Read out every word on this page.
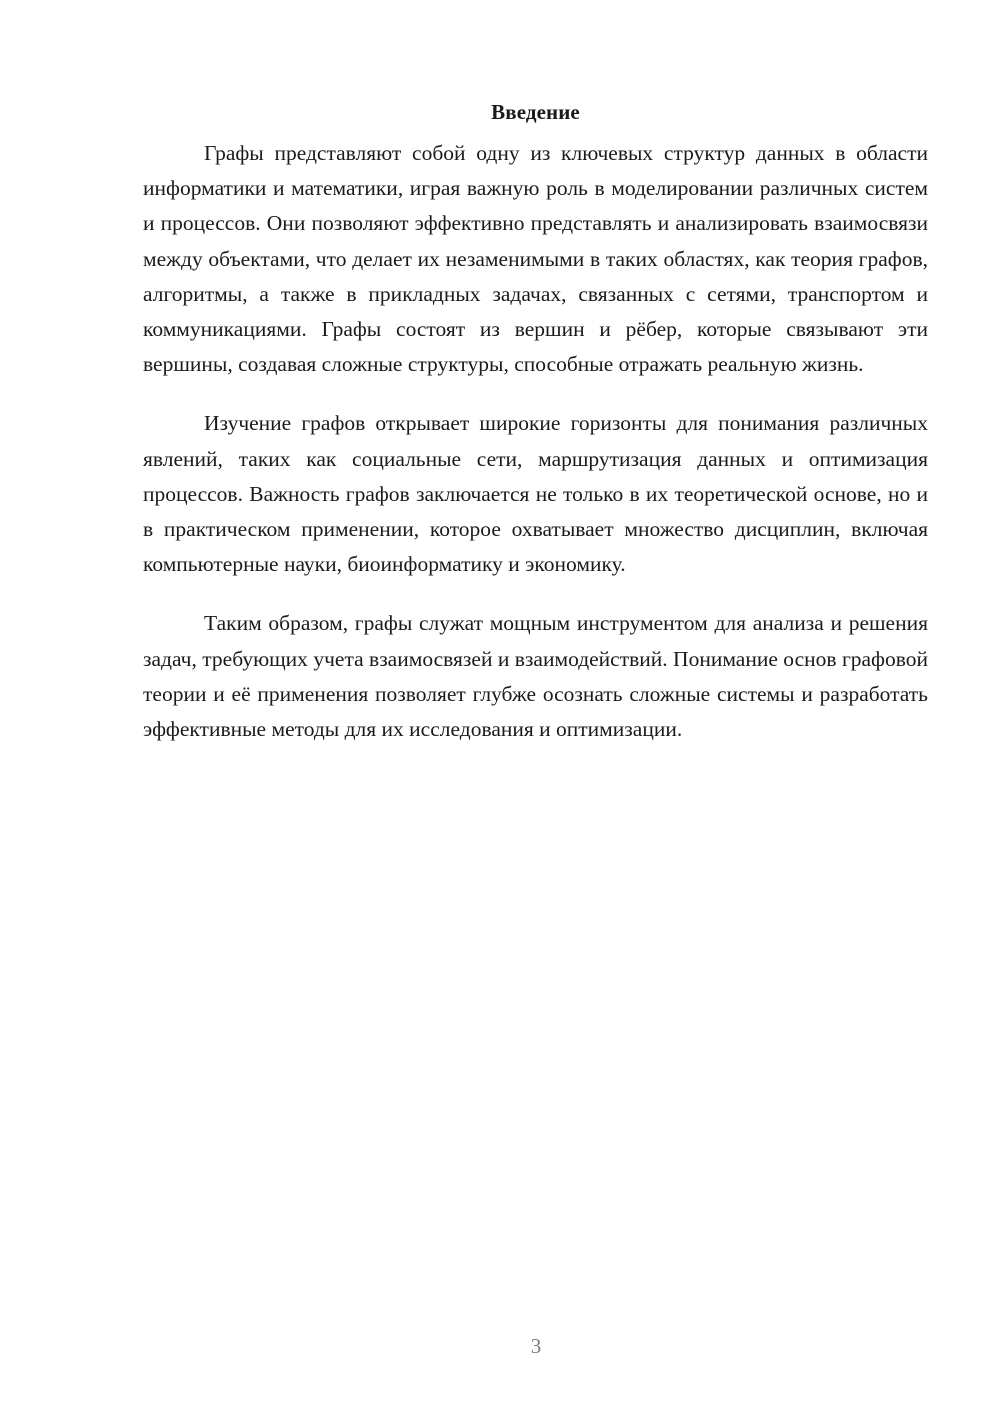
Введение

Графы представляют собой одну из ключевых структур данных в области информатики и математики, играя важную роль в моделировании различных систем и процессов. Они позволяют эффективно представлять и анализировать взаимосвязи между объектами, что делает их незаменимыми в таких областях, как теория графов, алгоритмы, а также в прикладных задачах, связанных с сетями, транспортом и коммуникациями. Графы состоят из вершин и рёбер, которые связывают эти вершины, создавая сложные структуры, способные отражать реальную жизнь.

Изучение графов открывает широкие горизонты для понимания различных явлений, таких как социальные сети, маршрутизация данных и оптимизация процессов. Важность графов заключается не только в их теоретической основе, но и в практическом применении, которое охватывает множество дисциплин, включая компьютерные науки, биоинформатику и экономику.

Таким образом, графы служат мощным инструментом для анализа и решения задач, требующих учета взаимосвязей и взаимодействий. Понимание основ графовой теории и её применения позволяет глубже осознать сложные системы и разработать эффективные методы для их исследования и оптимизации.

3
